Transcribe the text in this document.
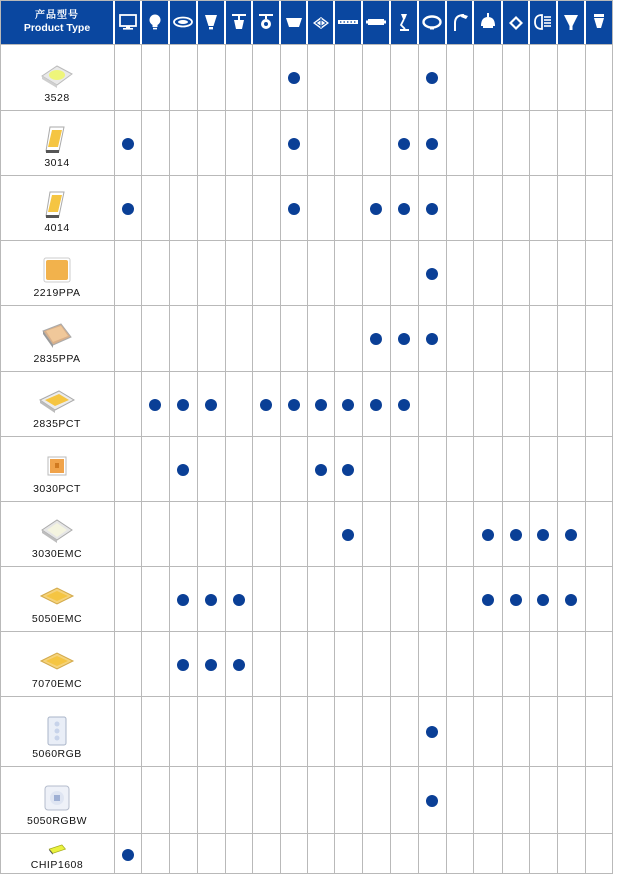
产品型号
Product Type
3528
3014
4014
2219PPA
2835PPA
2835PCT
3030PCT
3030EMC
5050EMC
7070EMC
5060RGB
5050RGBW
CHIP1608
